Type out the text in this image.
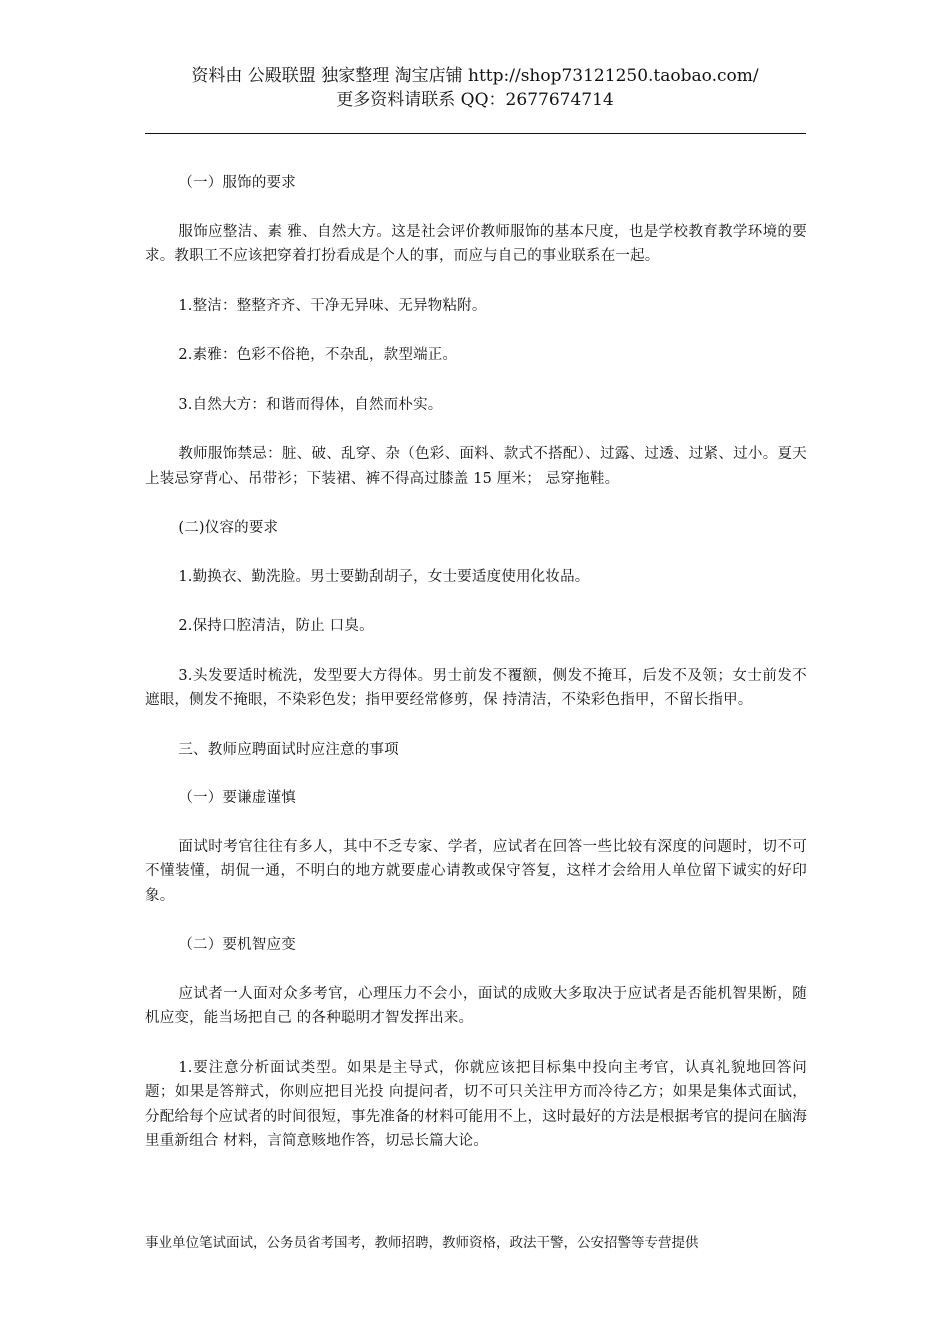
资料由 公殿联盟 独家整理 淘宝店铺 http://shop73121250.taobao.com/
更多资料请联系 QQ：2677674714

（一）服饰的要求

服饰应整洁、素 雅、自然大方。这是社会评价教师服饰的基本尺度，也是学校教育教学环境的要求。教职工不应该把穿着打扮看成是个人的事，而应与自己的事业联系在一起。

1.整洁：整整齐齐、干净无异味、无异物粘附。

2.素雅：色彩不俗艳，不杂乱，款型端正。

3.自然大方：和谐而得体，自然而朴实。

教师服饰禁忌：脏、破、乱穿、杂（色彩、面料、款式不搭配）、过露、过透、过紧、过小。夏天上装忌穿背心、吊带衫；下装裙、裤不得高过膝盖 15 厘米； 忌穿拖鞋。

(二)仪容的要求

1.勤换衣、勤洗脸。男士要勤刮胡子，女士要适度使用化妆品。

2.保持口腔清洁，防止 口臭。

3.头发要适时梳洗，发型要大方得体。男士前发不覆额，侧发不掩耳，后发不及领；女士前发不遮眼，侧发不掩眼，不染彩色发；指甲要经常修剪，保 持清洁，不染彩色指甲，不留长指甲。

三、教师应聘面试时应注意的事项

（一）要谦虚谨慎

面试时考官往往有多人，其中不乏专家、学者，应试者在回答一些比较有深度的问题时，切不可不懂装懂，胡侃一通，不明白的地方就要虚心请教或保守答复，这样才会给用人单位留下诚实的好印象。

（二）要机智应变

应试者一人面对众多考官，心理压力不会小，面试的成败大多取决于应试者是否能机智果断，随机应变，能当场把自己 的各种聪明才智发挥出来。

1.要注意分析面试类型。如果是主导式，你就应该把目标集中投向主考官，认真礼貌地回答问题；如果是答辩式，你则应把目光投 向提问者，切不可只关注甲方而冷待乙方；如果是集体式面试，分配给每个应试者的时间很短，事先准备的材料可能用不上，这时最好的方法是根据考官的提问在脑海里重新组合 材料，言简意赅地作答，切忌长篇大论。

事业单位笔试面试，公务员省考国考，教师招聘，教师资格，政法干警，公安招警等专营提供
